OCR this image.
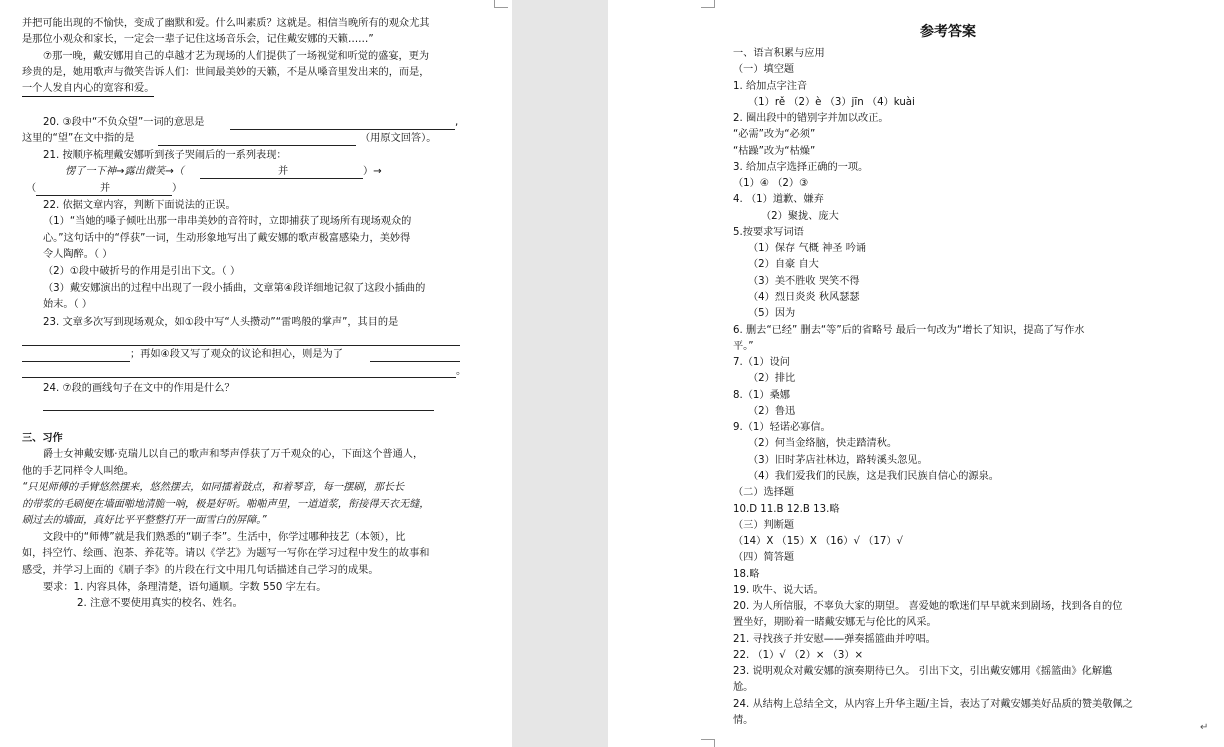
并把可能出现的不愉快，变成了幽默和爱。什么叫素质？这就是。相信当晚所有的观众尤其
是那位小观众和家长，一定会一辈子记住这场音乐会，记住戴安娜的天籁……”
⑦那一晚，戴安娜用自己的卓越才艺为现场的人们提供了一场视觉和听觉的盛宴，更为
珍贵的是，她用歌声与微笑告诉人们：世间最美妙的天籁，不是从嗓音里发出来的，而是，
一个人发自内心的宽容和爱。
20. ③段中“不负众望”一词的意思是	,
这里的“望”在文中指的是	（用原文回答）。
21. 按顺序梳理戴安娜听到孩子哭闹后的一系列表现：
愣了一下神→露出微笑→（	并	）→
（	并	）
22. 依据文章内容，判断下面说法的正误。
（1）“当她的嗓子倾吐出那一串串美妙的音符时，立即捕获了现场所有现场观众的
心。”这句话中的“俘获”一词，生动形象地写出了戴安娜的歌声极富感染力，美妙得
令人陶醉。（ ）
（2）①段中破折号的作用是引出下文。（ ）
（3）戴安娜演出的过程中出现了一段小插曲，文章第④段详细地记叙了这段小插曲的
始末。（ ）
23. 文章多次写到现场观众，如①段中写“人头攒动”“雷鸣般的掌声”，其目的是
；再如④段又写了观众的议论和担心，则是为了
。
24. ⑦段的画线句子在文中的作用是什么？
三、习作
爵士女神戴安娜·克瑞儿以自己的歌声和琴声俘获了万千观众的心，下面这个普通人，
他的手艺同样令人叫绝。
“只见师傅的手臂悠然摆来，悠然摆去，如同擂着鼓点，和着琴音，每一摆刷，那长长
的带浆的毛刷便在墙面啪地清脆一响，极是好听。啪啪声里，一道道浆，衔接得天衣无缝，
刷过去的墙面，真好比平平整整打开一面雪白的屏障。”
文段中的“师傅”就是我们熟悉的“刷子李”。生活中，你学过哪种技艺（本领），比
如，抖空竹、绘画、泡茶、养花等。请以《学艺》为题写一写你在学习过程中发生的故事和
感受，并学习上面的《刷子李》的片段在行文中用几句话描述自己学习的成果。
要求：1. 内容具体，条理清楚，语句通顺。字数 550 字左右。
2. 注意不要使用真实的校名、姓名。
参考答案
一、语言积累与应用
（一）填空题
1. 给加点字注音
（1）rě （2）è （3）jīn （4）kuài
2. 圈出段中的错别字并加以改正。
“必需”改为“必须”
“枯躁”改为“枯燥”
3. 给加点字选择正确的一项。
（1）④ （2）③
4. （1）道歉、嫌弃
（2）聚拢、庞大
5.按要求写词语
（1）保存 气概 神圣 吟诵
（2）自豪 自大
（3）美不胜收 哭笑不得
（4）烈日炎炎 秋风瑟瑟
（5）因为
6. 删去“已经” 删去“等”后的省略号 最后一句改为“增长了知识，提高了写作水
平。”
7.（1）设问
（2）排比
8.（1）桑娜
（2）鲁迅
9.（1）轻诺必寡信。
（2）何当金络脑，快走踏清秋。
（3）旧时茅店社林边，路转溪头忽见。
（4）我们爱我们的民族，这是我们民族自信心的源泉。
（二）选择题
10.D 11.B 12.B 13.略
（三）判断题
（14）X （15）X （16）√ （17）√
（四）简答题
18.略
19. 吹牛、说大话。
20. 为人所信服，不辜负大家的期望。 喜爱她的歌迷们早早就来到剧场，找到各自的位
置坐好，期盼着一睹戴安娜无与伦比的风采。
21. 寻找孩子并安慰——弹奏摇篮曲并哼唱。
22. （1）√ （2）× （3）×
23. 说明观众对戴安娜的演奏期待已久。 引出下文，引出戴安娜用《摇篮曲》化解尴
尬。
24. 从结构上总结全文，从内容上升华主题/主旨，表达了对戴安娜美好品质的赞美敬佩之
情。
↵
